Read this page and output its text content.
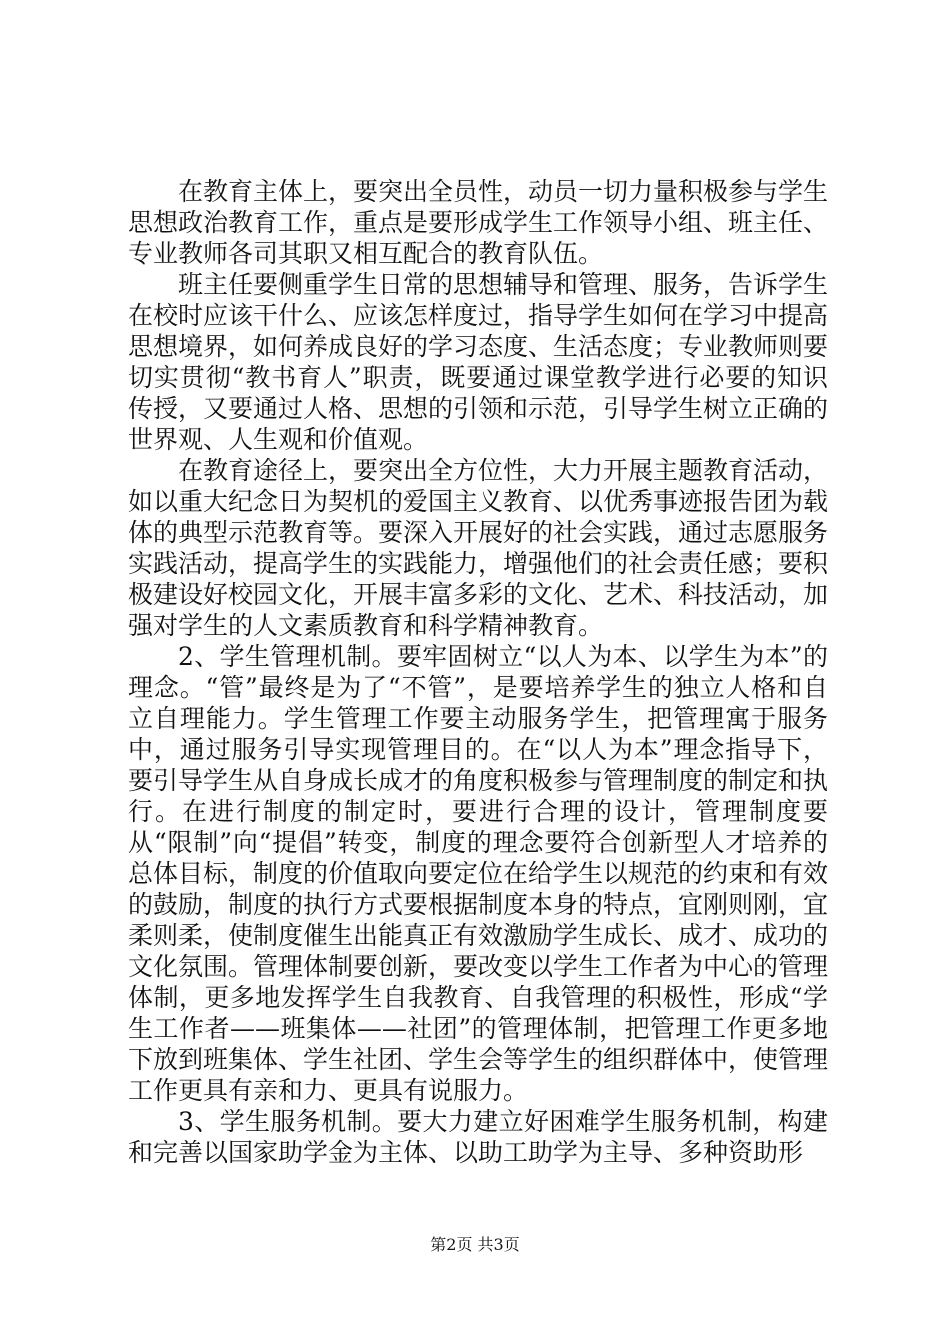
在教育主体上，要突出全员性，动员一切力量积极参与学生思想政治教育工作，重点是要形成学生工作领导小组、班主任、专业教师各司其职又相互配合的教育队伍。

班主任要侧重学生日常的思想辅导和管理、服务，告诉学生在校时应该干什么、应该怎样度过，指导学生如何在学习中提高思想境界，如何养成良好的学习态度、生活态度；专业教师则要切实贯彻“教书育人”职责，既要通过课堂教学进行必要的知识传授，又要通过人格、思想的引领和示范，引导学生树立正确的世界观、人生观和价值观。

在教育途径上，要突出全方位性，大力开展主题教育活动，如以重大纪念日为契机的爱国主义教育、以优秀事迹报告团为载体的典型示范教育等。要深入开展好的社会实践，通过志愿服务实践活动，提高学生的实践能力，增强他们的社会责任感；要积极建设好校园文化，开展丰富多彩的文化、艺术、科技活动，加强对学生的人文素质教育和科学精神教育。

2、学生管理机制。要牢固树立“以人为本、以学生为本”的理念。“管”最终是为了“不管”，是要培养学生的独立人格和自立自理能力。学生管理工作要主动服务学生，把管理寓于服务中，通过服务引导实现管理目的。在“以人为本”理念指导下，要引导学生从自身成长成才的角度积极参与管理制度的制定和执行。在进行制度的制定时，要进行合理的设计，管理制度要从“限制”向“提倡”转变，制度的理念要符合创新型人才培养的总体目标，制度的价值取向要定位在给学生以规范的约束和有效的鼓励，制度的执行方式要根据制度本身的特点，宜刚则刚，宜柔则柔，使制度催生出能真正有效激励学生成长、成才、成功的文化氛围。管理体制要创新，要改变以学生工作者为中心的管理体制，更多地发挥学生自我教育、自我管理的积极性，形成“学生工作者——班集体——社团”的管理体制，把管理工作更多地下放到班集体、学生社团、学生会等学生的组织群体中，使管理工作更具有亲和力、更具有说服力。

3、学生服务机制。要大力建立好困难学生服务机制，构建和完善以国家助学金为主体、以助工助学为主导、多种资助形

第2页 共3页
